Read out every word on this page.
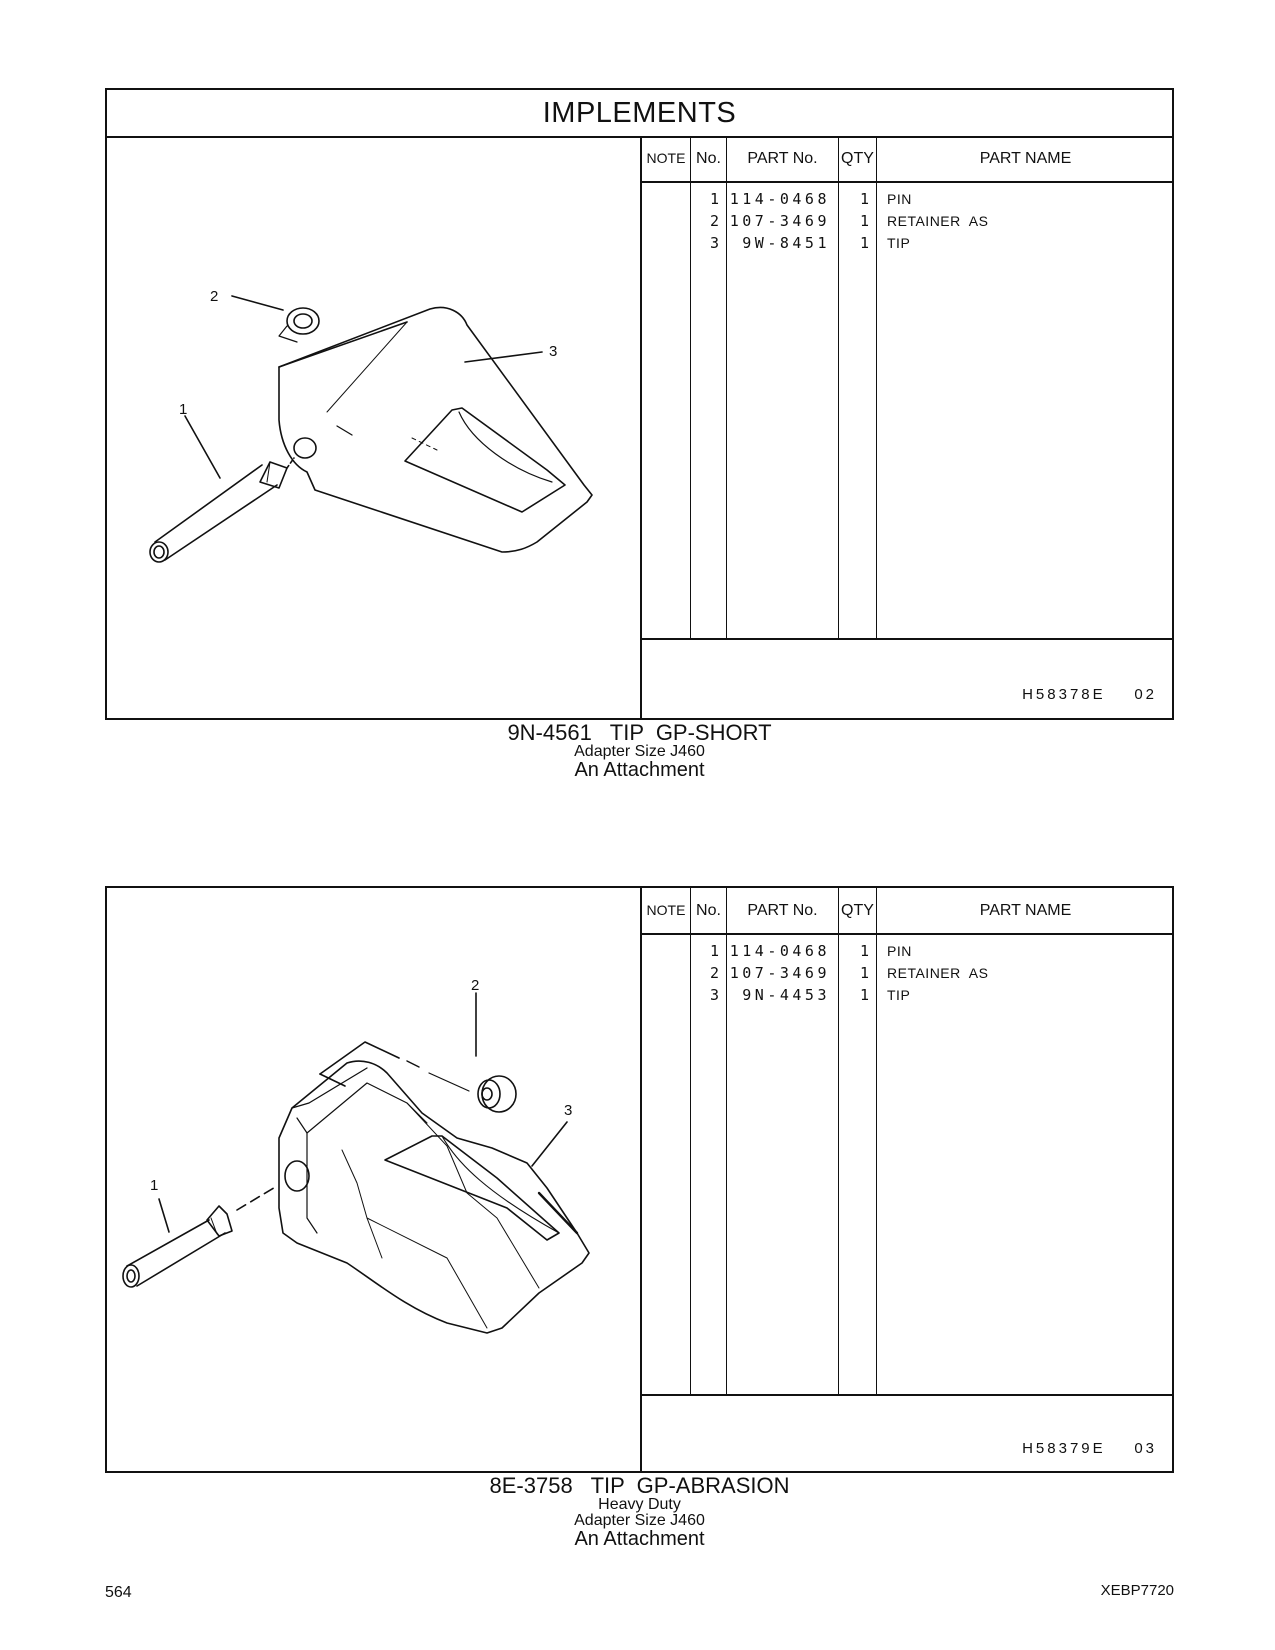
IMPLEMENTS
2
3
1
NOTE No.	PART No.	QTY	PART NAME
1 114-0468	1 PIN
2 107-3469	1 RETAINER  AS
3	9W-8451	1 TIP
H58378E    02
9N-4561   TIP  GP-SHORT
Adapter Size J460
An Attachment
2
3
1
NOTE No.	PART No.	QTY	PART NAME
1 114-0468	1 PIN
2 107-3469	1 RETAINER  AS
3	9N-4453	1 TIP
H58379E    03
8E-3758   TIP  GP-ABRASION
Heavy Duty
Adapter Size J460
An Attachment
564	XEBP7720
